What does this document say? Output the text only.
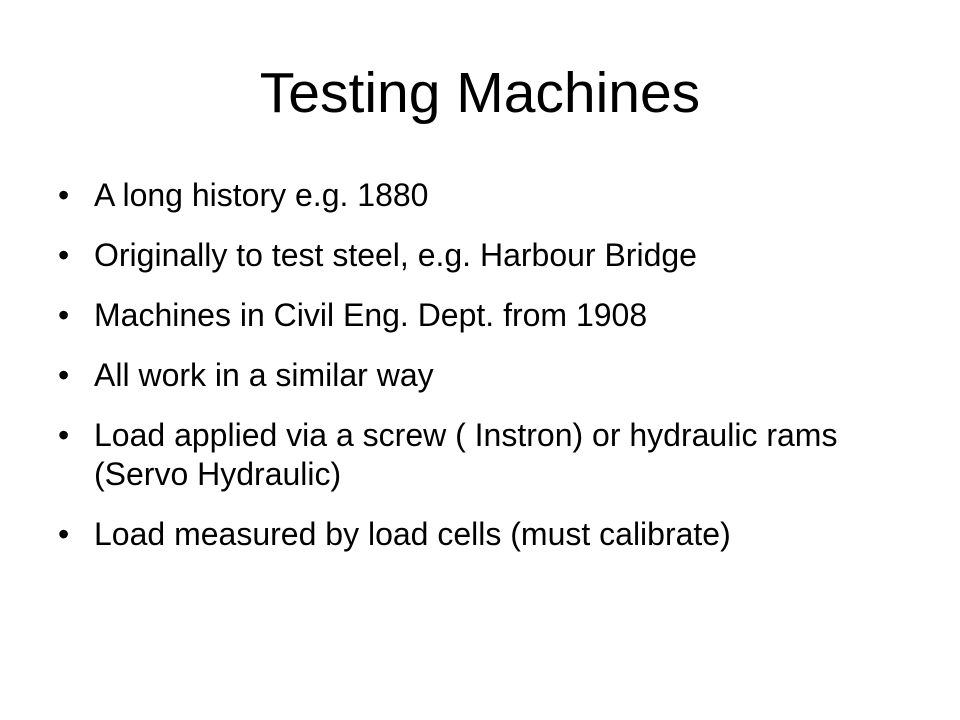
Testing Machines
• A long history e.g. 1880
• Originally to test steel, e.g. Harbour Bridge
• Machines in Civil Eng. Dept. from 1908
• All work in a similar way
• Load applied via a screw ( Instron) or hydraulic rams (Servo Hydraulic)
• Load measured by load cells (must calibrate)
